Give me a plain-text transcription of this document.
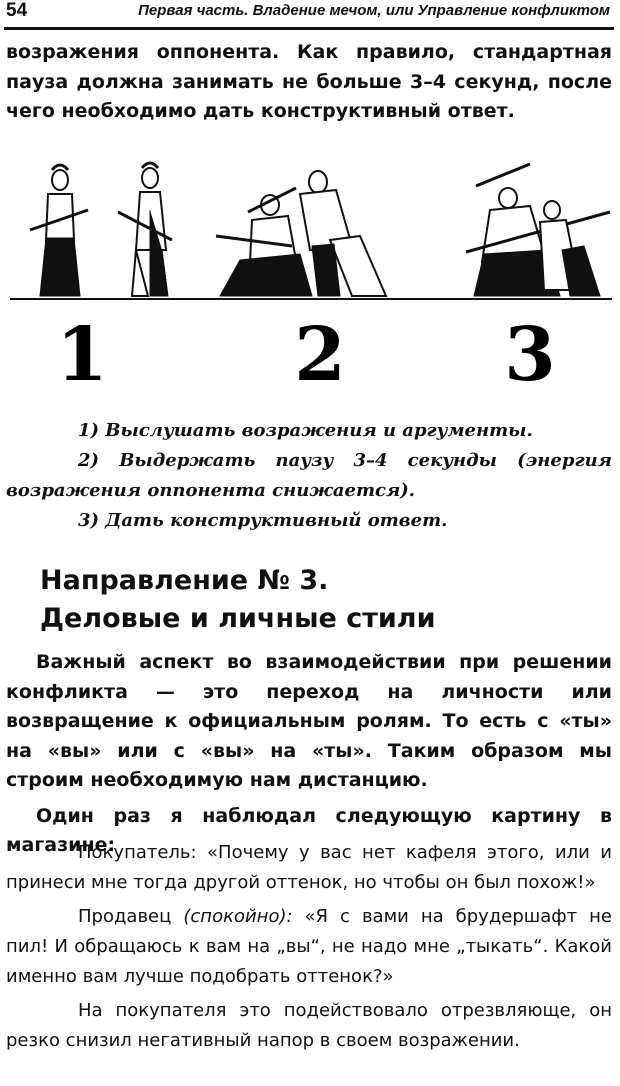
54	Первая часть. Владение мечом, или Управление конфликтом

возражения оппонента. Как правило, стандартная пауза должна занимать не больше 3–4 секунд, после чего необходимо дать конструктивный ответ.

1	2 3

1) Выслушать возражения и аргументы.

2) Выдержать паузу 3–4 секунды (энергия возражения оппонента снижается).

3) Дать конструктивный ответ.

Направление № 3.
Деловые и личные стили

Важный аспект во взаимодействии при решении конфликта — это переход на личности или возвращение к официальным ролям. То есть с «ты» на «вы» или с «вы» на «ты». Таким образом мы строим необходимую нам дистанцию.

Один раз я наблюдал следующую картину в магазине:

Покупатель: «Почему у вас нет кафеля этого, или и принеси мне тогда другой оттенок, но чтобы он был похож!»

Продавец (спокойно): «Я с вами на брудершафт не пил! И обращаюсь к вам на „вы“, не надо мне „тыкать“. Какой именно вам лучше подобрать оттенок?»

На покупателя это подействовало отрезвляюще, он резко снизил негативный напор в своем возражении.
